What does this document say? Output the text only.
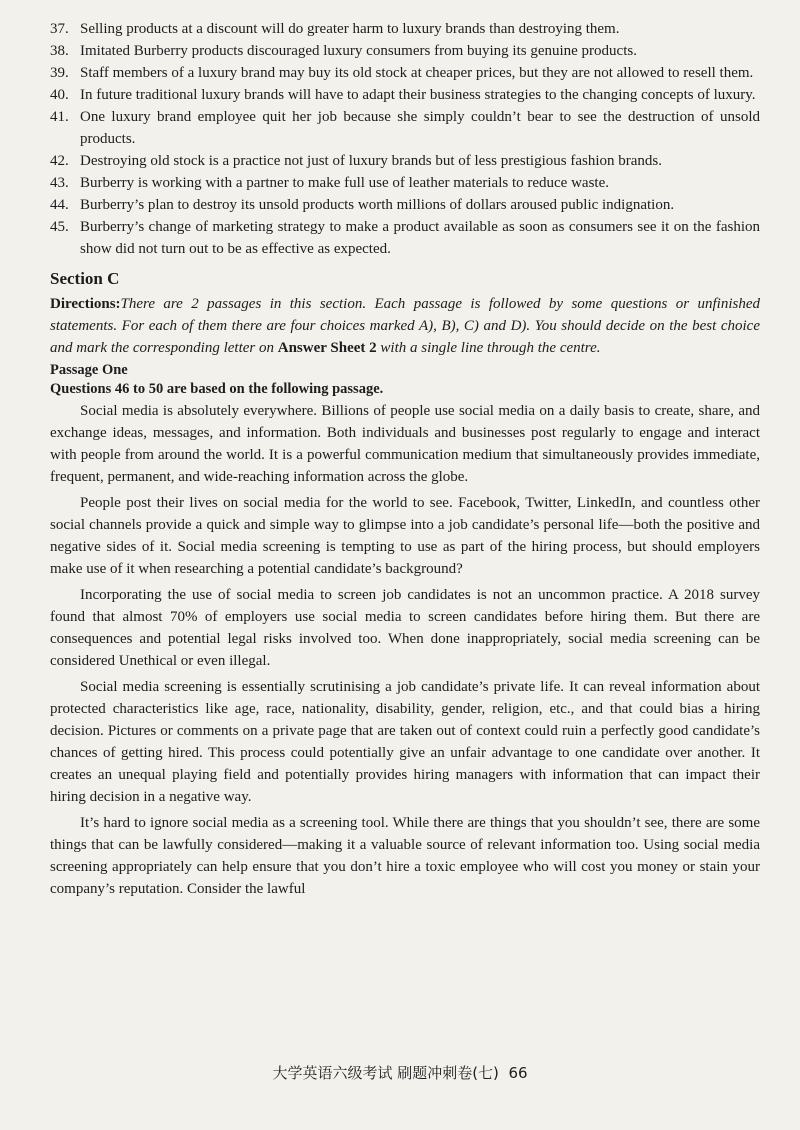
37. Selling products at a discount will do greater harm to luxury brands than destroying them.
38. Imitated Burberry products discouraged luxury consumers from buying its genuine products.
39. Staff members of a luxury brand may buy its old stock at cheaper prices, but they are not allowed to resell them.
40. In future traditional luxury brands will have to adapt their business strategies to the changing concepts of luxury.
41. One luxury brand employee quit her job because she simply couldn’t bear to see the destruction of unsold products.
42. Destroying old stock is a practice not just of luxury brands but of less prestigious fashion brands.
43. Burberry is working with a partner to make full use of leather materials to reduce waste.
44. Burberry’s plan to destroy its unsold products worth millions of dollars aroused public indignation.
45. Burberry’s change of marketing strategy to make a product available as soon as consumers see it on the fashion show did not turn out to be as effective as expected.
Section C

Directions:There are 2 passages in this section. Each passage is followed by some questions or unfinished statements. For each of them there are four choices marked A), B), C) and D). You should decide on the best choice and mark the corresponding letter on Answer Sheet 2 with a single line through the centre.

Passage One
Questions 46 to 50 are based on the following passage.

Social media is absolutely everywhere. Billions of people use social media on a daily basis to create, share, and exchange ideas, messages, and information. Both individuals and businesses post regularly to engage and interact with people from around the world. It is a powerful communication medium that simultaneously provides immediate, frequent, permanent, and wide-reaching information across the globe.

People post their lives on social media for the world to see. Facebook, Twitter, LinkedIn, and countless other social channels provide a quick and simple way to glimpse into a job candidate’s personal life—both the positive and negative sides of it. Social media screening is tempting to use as part of the hiring process, but should employers make use of it when researching a potential candidate’s background?

Incorporating the use of social media to screen job candidates is not an uncommon practice. A 2018 survey found that almost 70% of employers use social media to screen candidates before hiring them. But there are consequences and potential legal risks involved too. When done inappropriately, social media screening can be considered Unethical or even illegal.

Social media screening is essentially scrutinising a job candidate’s private life. It can reveal information about protected characteristics like age, race, nationality, disability, gender, religion, etc., and that could bias a hiring decision. Pictures or comments on a private page that are taken out of context could ruin a perfectly good candidate’s chances of getting hired. This process could potentially give an unfair advantage to one candidate over another. It creates an unequal playing field and potentially provides hiring managers with information that can impact their hiring decision in a negative way.

It’s hard to ignore social media as a screening tool. While there are things that you shouldn’t see, there are some things that can be lawfully considered—making it a valuable source of relevant information too. Using social media screening appropriately can help ensure that you don’t hire a toxic employee who will cost you money or stain your company’s reputation. Consider the lawful

大学英语六级考试 刷题冲刺卷(七) 66
